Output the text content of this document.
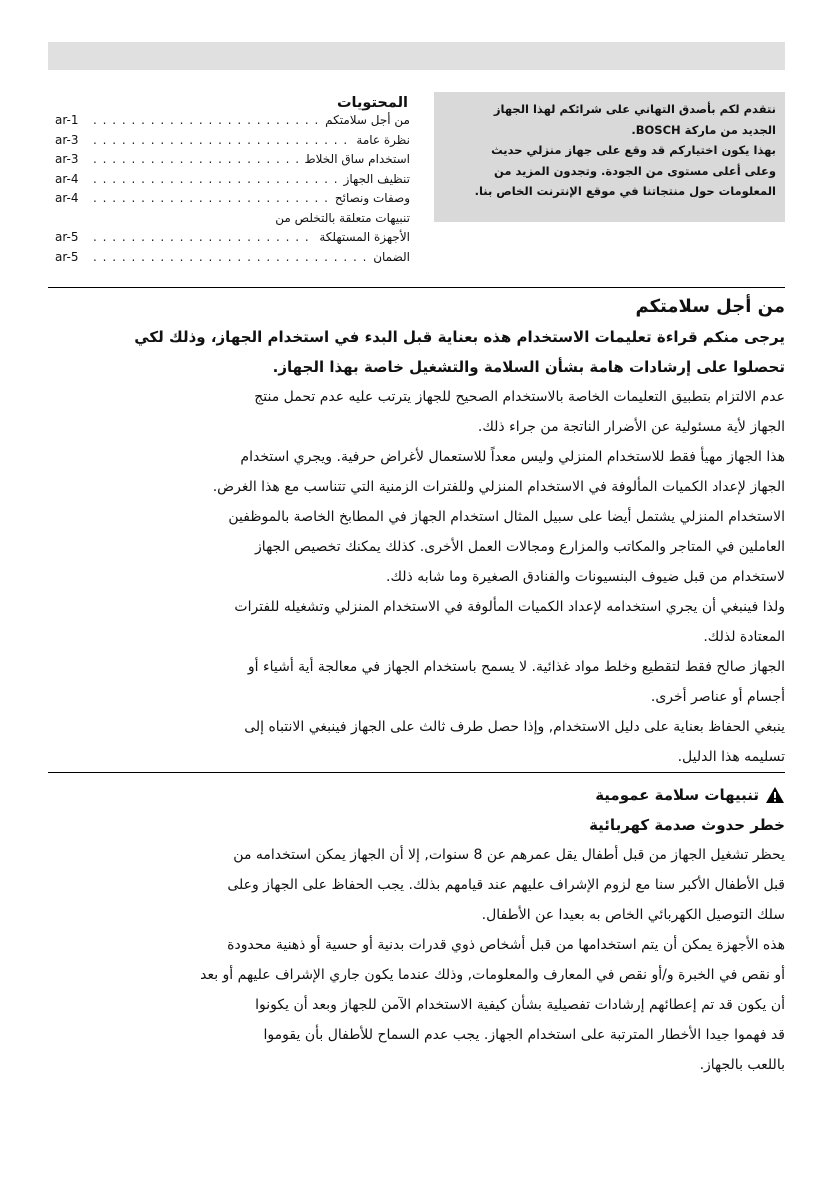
نتقدم لكم بأصدق التهاني على شرائكم لهذا الجهاز

الجديد من ماركة BOSCH.

بهذا يكون اختياركم قد وقع على جهاز منزلي حديث

وعلى أعلى مستوى من الجودة. وتجدون المزيد من

المعلومات حول منتجاتنا في موقع الإنترنت الخاص بنا.

المحتويات
من أجل سلامتكم
. . .
ar-1
نظرة عامة
. . .
ar-3
استخدام ساق الخلاط
. . .
ar-3
تنظيف الجهاز
. . .
ar-4
وصفات ونصائح
. . .
ar-4
تنبيهات متعلقة بالتخلص من
الأجهزة المستهلكة
. . .
ar-5
الضمان
. . .
ar-5
من أجل سلامتكم
يرجى منكم قراءة تعليمات الاستخدام هذه بعناية قبل البدء في استخدام الجهاز، وذلك لكي
تحصلوا على إرشادات هامة بشأن السلامة والتشغيل خاصة بهذا الجهاز.
عدم الالتزام بتطبيق التعليمات الخاصة بالاستخدام الصحيح للجهاز يترتب عليه عدم تحمل منتج
الجهاز لأية مسئولية عن الأضرار الناتجة من جراء ذلك.
هذا الجهاز مهيأ فقط للاستخدام المنزلي وليس معداً للاستعمال لأغراض حرفية. ويجري استخدام
الجهاز لإعداد الكميات المألوفة في الاستخدام المنزلي وللفترات الزمنية التي تتناسب مع هذا الغرض.
الاستخدام المنزلي يشتمل أيضا على سبيل المثال استخدام الجهاز في المطابخ الخاصة بالموظفين
العاملين في المتاجر والمكاتب والمزارع ومجالات العمل الأخرى. كذلك يمكنك تخصيص الجهاز
لاستخدام من قبل ضيوف البنسيونات والفنادق الصغيرة وما شابه ذلك.
ولذا فينبغي أن يجري استخدامه لإعداد الكميات المألوفة في الاستخدام المنزلي وتشغيله للفترات
المعتادة لذلك.
الجهاز صالح فقط لتقطيع وخلط مواد غذائية. لا يسمح باستخدام الجهاز في معالجة أية أشياء أو
أجسام أو عناصر أخرى.
ينبغي الحفاظ بعناية على دليل الاستخدام, وإذا حصل طرف ثالث على الجهاز فينبغي الانتباه إلى
تسليمه هذا الدليل.
تنبيهات سلامة عمومية
خطر حدوث صدمة كهربائية
يحظر تشغيل الجهاز من قبل أطفال يقل عمرهم عن 8 سنوات, إلا أن الجهاز يمكن استخدامه من
قبل الأطفال الأكبر سنا مع لزوم الإشراف عليهم عند قيامهم بذلك. يجب الحفاظ على الجهاز وعلى
سلك التوصيل الكهربائي الخاص به بعيدا عن الأطفال.
هذه الأجهزة يمكن أن يتم استخدامها من قبل أشخاص ذوي قدرات بدنية أو حسية أو ذهنية محدودة
أو نقص في الخبرة و/أو نقص في المعارف والمعلومات, وذلك عندما يكون جاري الإشراف عليهم أو بعد
أن يكون قد تم إعطائهم إرشادات تفصيلية بشأن كيفية الاستخدام الآمن للجهاز وبعد أن يكونوا
قد فهموا جيدا الأخطار المترتبة على استخدام الجهاز. يجب عدم السماح للأطفال بأن يقوموا
باللعب بالجهاز.
